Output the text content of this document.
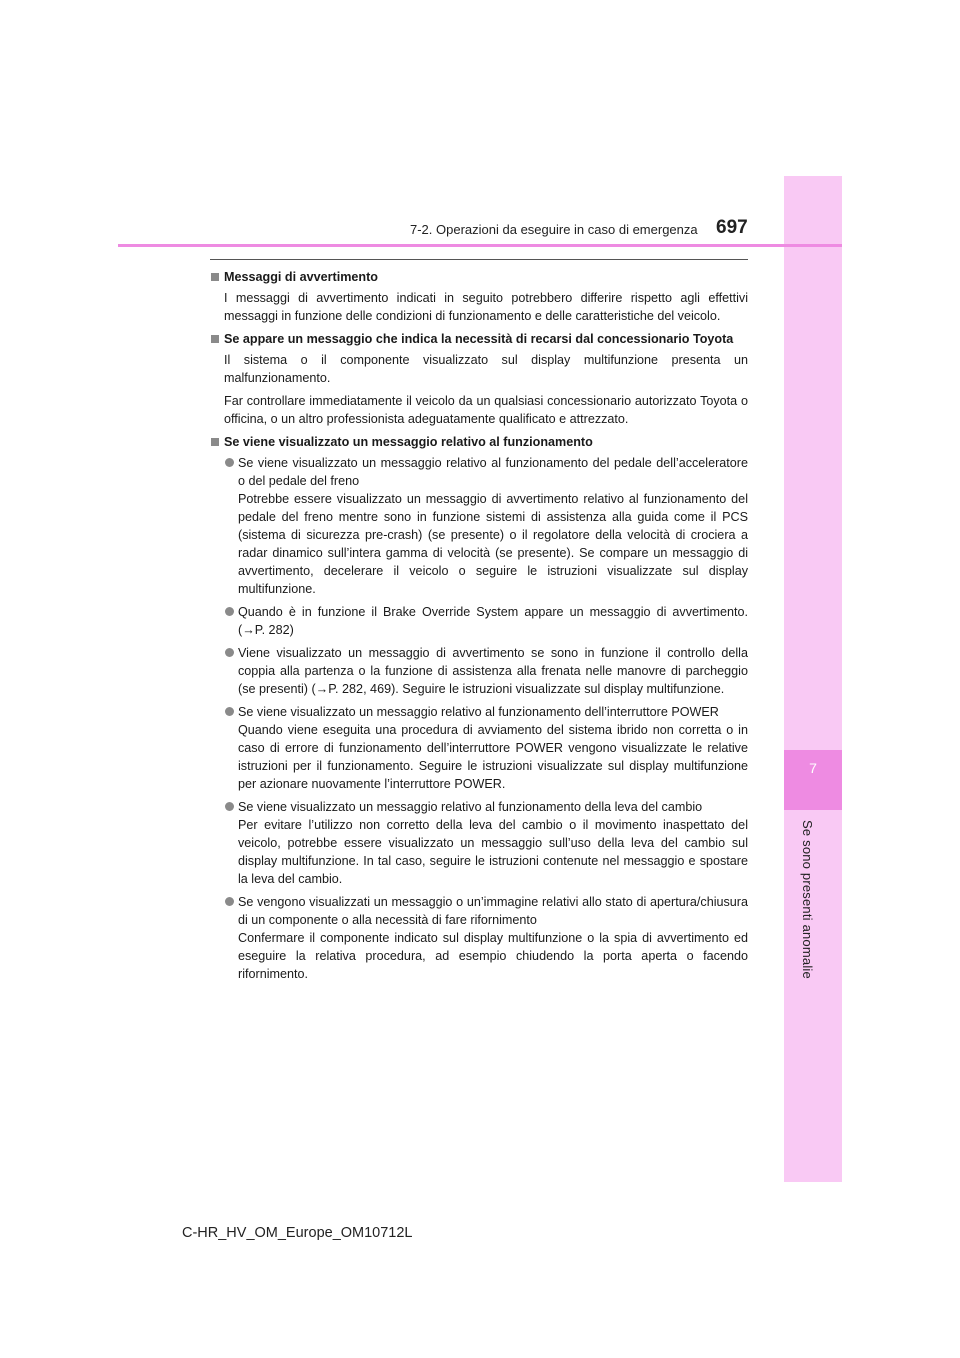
7
Se sono presenti anomalie
7-2. Operazioni da eseguire in caso di emergenza 697
Messaggi di avvertimento
I messaggi di avvertimento indicati in seguito potrebbero differire rispetto agli effettivi messaggi in funzione delle condizioni di funzionamento e delle caratteristiche del veicolo.
Se appare un messaggio che indica la necessità di recarsi dal concessionario Toyota
Il sistema o il componente visualizzato sul display multifunzione presenta un malfunzionamento.
Far controllare immediatamente il veicolo da un qualsiasi concessionario autorizzato Toyota o officina, o un altro professionista adeguatamente qualificato e attrezzato.
Se viene visualizzato un messaggio relativo al funzionamento
Se viene visualizzato un messaggio relativo al funzionamento del pedale dell’acceleratore o del pedale del freno
Potrebbe essere visualizzato un messaggio di avvertimento relativo al funzionamento del pedale del freno mentre sono in funzione sistemi di assistenza alla guida come il PCS (sistema di sicurezza pre-crash) (se presente) o il regolatore della velocità di crociera a radar dinamico sull’intera gamma di velocità (se presente). Se compare un messaggio di avvertimento, decelerare il veicolo o seguire le istruzioni visualizzate sul display multifunzione.
Quando è in funzione il Brake Override System appare un messaggio di avvertimento. (→P. 282)
Viene visualizzato un messaggio di avvertimento se sono in funzione il controllo della coppia alla partenza o la funzione di assistenza alla frenata nelle manovre di parcheggio (se presenti) (→P. 282, 469). Seguire le istruzioni visualizzate sul display multifunzione.
Se viene visualizzato un messaggio relativo al funzionamento dell’interruttore POWER
Quando viene eseguita una procedura di avviamento del sistema ibrido non corretta o in caso di errore di funzionamento dell’interruttore POWER vengono visualizzate le relative istruzioni per il funzionamento. Seguire le istruzioni visualizzate sul display multifunzione per azionare nuovamente l’interruttore POWER.
Se viene visualizzato un messaggio relativo al funzionamento della leva del cambio
Per evitare l’utilizzo non corretto della leva del cambio o il movimento inaspettato del veicolo, potrebbe essere visualizzato un messaggio sull’uso della leva del cambio sul display multifunzione. In tal caso, seguire le istruzioni contenute nel messaggio e spostare la leva del cambio.
Se vengono visualizzati un messaggio o un’immagine relativi allo stato di apertura/chiusura di un componente o alla necessità di fare rifornimento
Confermare il componente indicato sul display multifunzione o la spia di avvertimento ed eseguire la relativa procedura, ad esempio chiudendo la porta aperta o facendo rifornimento.
C-HR_HV_OM_Europe_OM10712L
